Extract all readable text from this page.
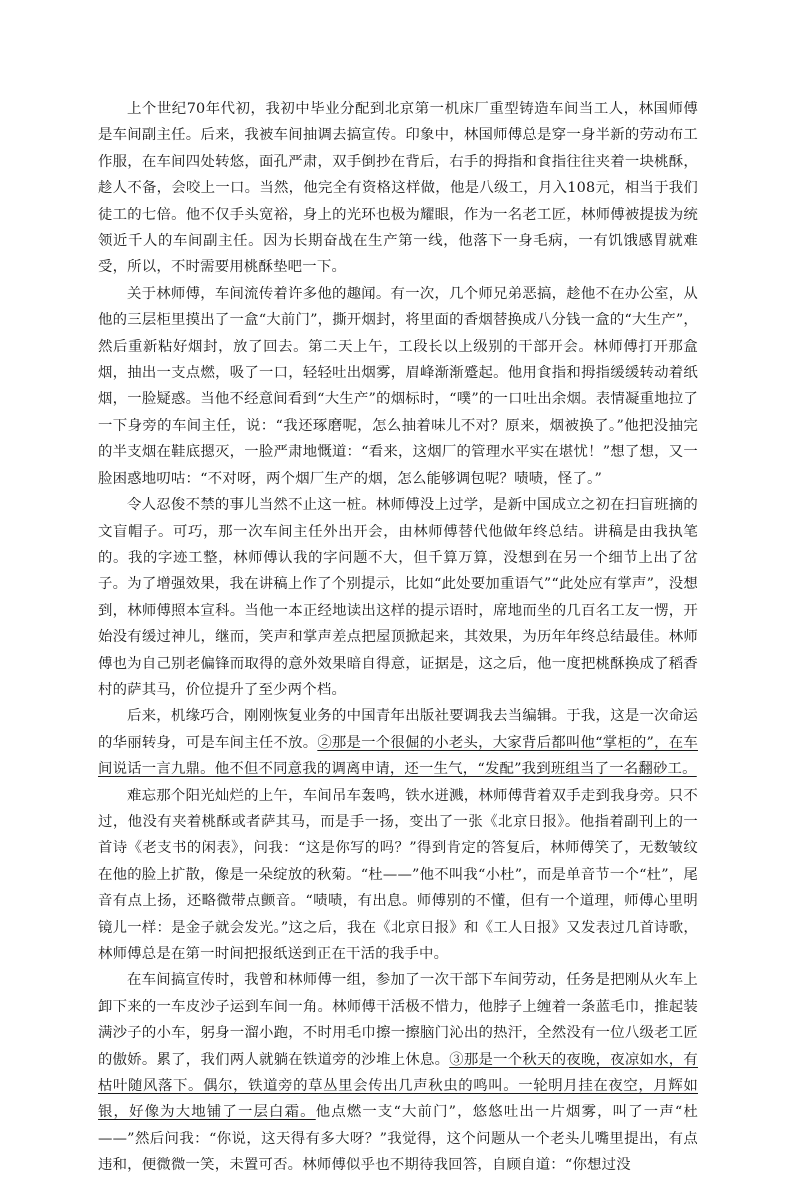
上个世纪70年代初，我初中毕业分配到北京第一机床厂重型铸造车间当工人，林国师傅是车间副主任。后来，我被车间抽调去搞宣传。印象中，林国师傅总是穿一身半新的劳动布工作服，在车间四处转悠，面孔严肃，双手倒抄在背后，右手的拇指和食指往往夹着一块桃酥，趁人不备，会咬上一口。当然，他完全有资格这样做，他是八级工，月入108元，相当于我们徒工的七倍。他不仅手头宽裕，身上的光环也极为耀眼，作为一名老工匠，林师傅被提拔为统领近千人的车间副主任。因为长期奋战在生产第一线，他落下一身毛病，一有饥饿感胃就难受，所以，不时需要用桃酥垫吧一下。

关于林师傅，车间流传着许多他的趣闻。有一次，几个师兄弟恶搞，趁他不在办公室，从他的三层柜里摸出了一盒“大前门”，撕开烟封，将里面的香烟替换成八分钱一盒的“大生产”，然后重新粘好烟封，放了回去。第二天上午，工段长以上级别的干部开会。林师傅打开那盒烟，抽出一支点燃，吸了一口，轻轻吐出烟雾，眉峰渐渐蹙起。他用食指和拇指缓缓转动着纸烟，一脸疑惑。当他不经意间看到“大生产”的烟标时，“噗”的一口吐出余烟。表情凝重地拉了一下身旁的车间主任，说：“我还琢磨呢，怎么抽着味儿不对？原来，烟被换了。”他把没抽完的半支烟在鞋底摁灭，一脸严肃地慨道：“看来，这烟厂的管理水平实在堪忧！”想了想，又一脸困惑地叨咕：“不对呀，两个烟厂生产的烟，怎么能够调包呢？啧啧，怪了。”

令人忍俊不禁的事儿当然不止这一桩。林师傅没上过学，是新中国成立之初在扫盲班摘的文盲帽子。可巧，那一次车间主任外出开会，由林师傅替代他做年终总结。讲稿是由我执笔的。我的字迹工整，林师傅认我的字问题不大，但千算万算，没想到在另一个细节上出了岔子。为了增强效果，我在讲稿上作了个别提示，比如“此处要加重语气”“此处应有掌声”，没想到，林师傅照本宣科。当他一本正经地读出这样的提示语时，席地而坐的几百名工友一愣，开始没有缓过神儿，继而，笑声和掌声差点把屋顶掀起来，其效果，为历年年终总结最佳。林师傅也为自己别老偏锋而取得的意外效果暗自得意，证据是，这之后，他一度把桃酥换成了稻香村的萨其马，价位提升了至少两个档。

后来，机缘巧合，刚刚恢复业务的中国青年出版社要调我去当编辑。于我，这是一次命运的华丽转身，可是车间主任不放。②那是一个很倔的小老头，大家背后都叫他“掌柜的”，在车间说话一言九鼎。他不但不同意我的调离申请，还一生气，“发配”我到班组当了一名翻砂工。

难忘那个阳光灿烂的上午，车间吊车轰鸣，铁水迸溅，林师傅背着双手走到我身旁。只不过，他没有夹着桃酥或者萨其马，而是手一扬，变出了一张《北京日报》。他指着副刊上的一首诗《老支书的闲表》，问我：“这是你写的吗？”得到肯定的答复后，林师傅笑了，无数皱纹在他的脸上扩散，像是一朵绽放的秋菊。“杜——”他不叫我“小杜”，而是单音节一个“杜”，尾音有点上扬，还略微带点颤音。“啧啧，有出息。师傅别的不懂，但有一个道理，师傅心里明镜儿一样：是金子就会发光。”这之后，我在《北京日报》和《工人日报》又发表过几首诗歌，林师傅总是在第一时间把报纸送到正在干活的我手中。

在车间搞宣传时，我曾和林师傅一组，参加了一次干部下车间劳动，任务是把刚从火车上卸下来的一车皮沙子运到车间一角。林师傅干活极不惜力，他脖子上缠着一条蓝毛巾，推起装满沙子的小车，躬身一溜小跑，不时用毛巾擦一擦脑门沁出的热汗，全然没有一位八级老工匠的傲娇。累了，我们两人就躺在铁道旁的沙堆上休息。③那是一个秋天的夜晚，夜凉如水，有枯叶随风落下。偶尔，铁道旁的草丛里会传出几声秋虫的鸣叫。一轮明月挂在夜空，月辉如银，好像为大地铺了一层白霜。他点燃一支“大前门”，悠悠吐出一片烟雾，叫了一声“杜——”然后问我：“你说，这天得有多大呀？”我觉得，这个问题从一个老头儿嘴里提出，有点违和，便微微一笑，未置可否。林师傅似乎也不期待我回答，自顾自道：“你想过没
